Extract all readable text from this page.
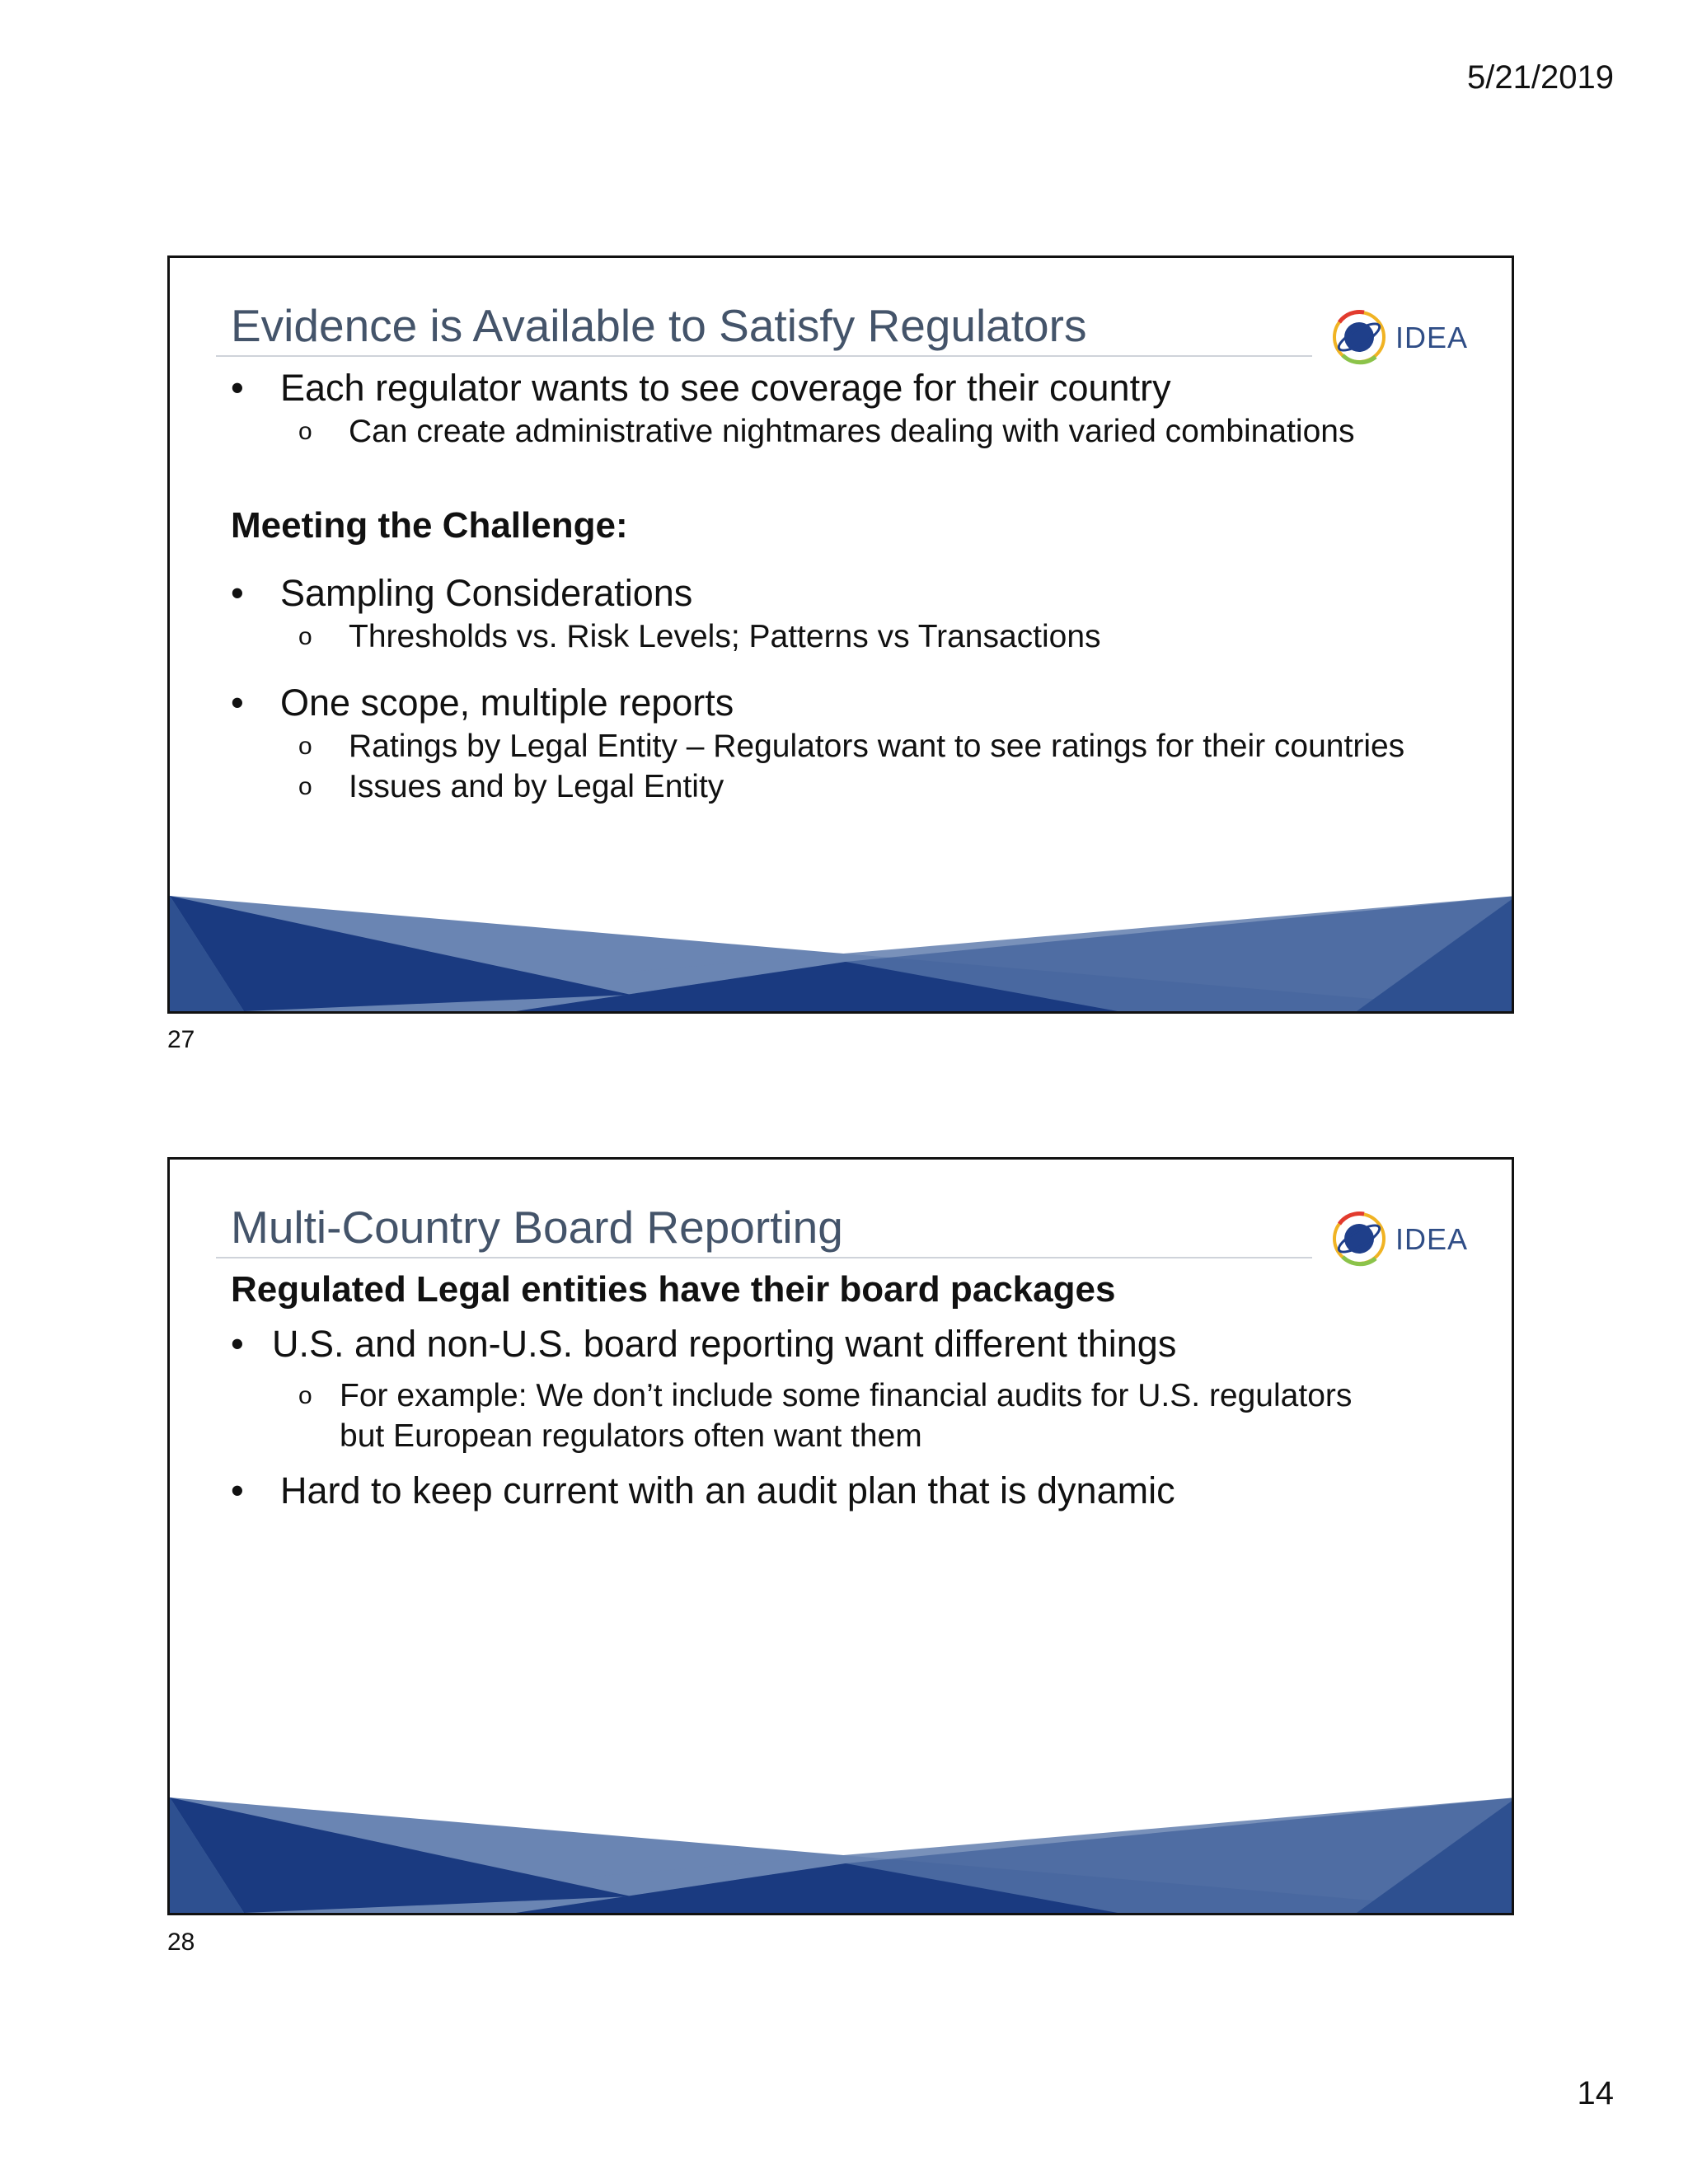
5/21/2019
Evidence is Available to Satisfy Regulators	IDEA
• Each regulator wants to see coverage for their country
o Can create administrative nightmares dealing with varied combinations
Meeting the Challenge:
• Sampling Considerations
o Thresholds vs. Risk Levels; Patterns vs Transactions
• One scope, multiple reports
o Ratings by Legal Entity – Regulators want to see ratings for their countries
o Issues and by Legal Entity
27
Multi-Country Board Reporting	IDEA
Regulated Legal entities have their board packages
• U.S. and non-U.S. board reporting want different things
o For example: We don’t include some financial audits for U.S. regulators
but European regulators often want them
• Hard to keep current with an audit plan that is dynamic
28
14
